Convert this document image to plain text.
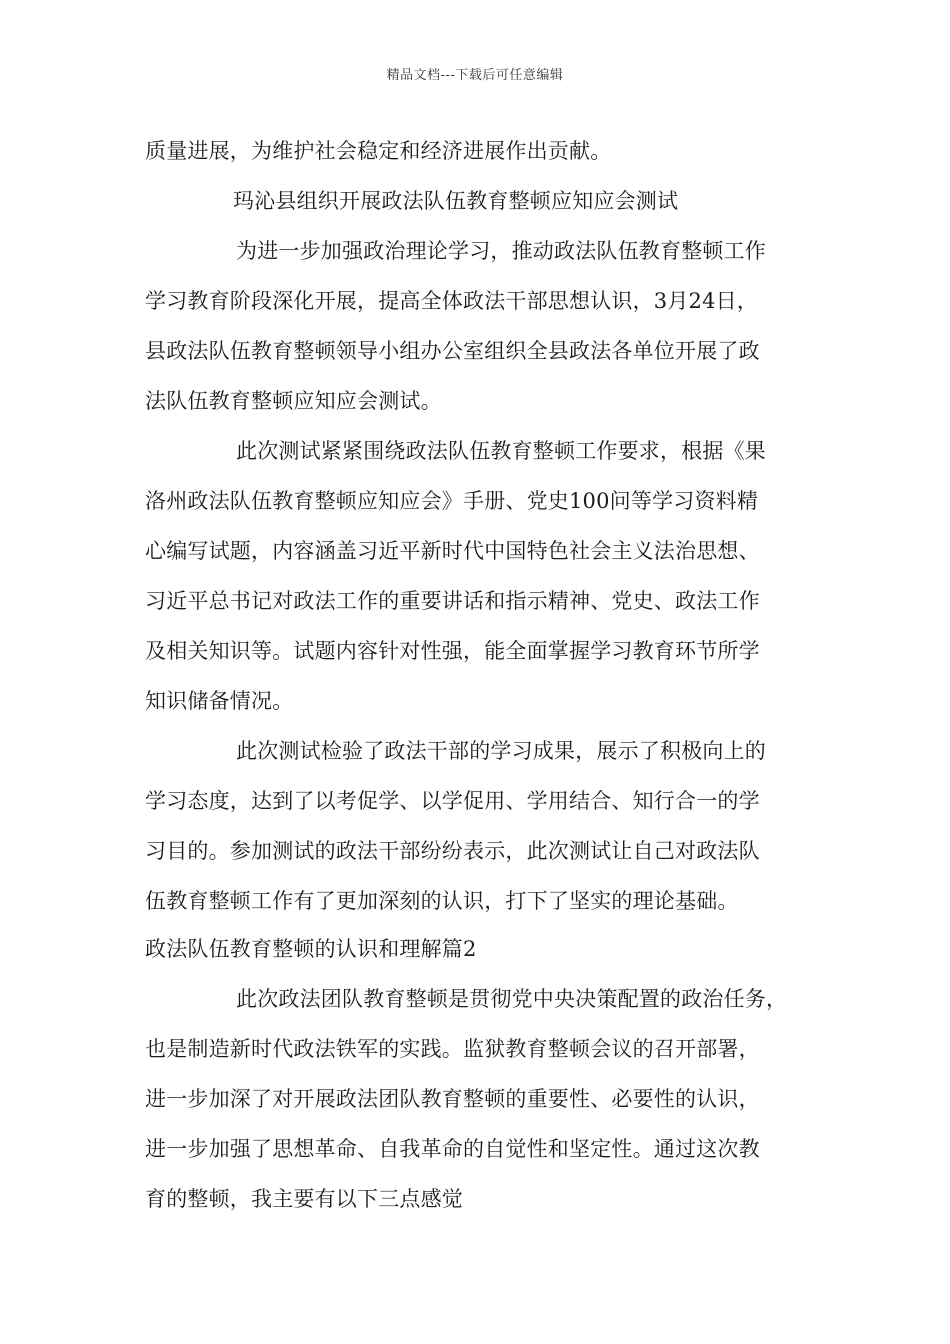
精品文档---下载后可任意编辑
质量进展，为维护社会稳定和经济进展作出贡献。
玛沁县组织开展政法队伍教育整顿应知应会测试
为进一步加强政治理论学习，推动政法队伍教育整顿工作
学习教育阶段深化开展，提高全体政法干部思想认识，3月24日，
县政法队伍教育整顿领导小组办公室组织全县政法各单位开展了政
法队伍教育整顿应知应会测试。
此次测试紧紧围绕政法队伍教育整顿工作要求，根据《果
洛州政法队伍教育整顿应知应会》手册、党史100问等学习资料精
心编写试题，内容涵盖习近平新时代中国特色社会主义法治思想、
习近平总书记对政法工作的重要讲话和指示精神、党史、政法工作
及相关知识等。试题内容针对性强，能全面掌握学习教育环节所学
知识储备情况。
此次测试检验了政法干部的学习成果，展示了积极向上的
学习态度，达到了以考促学、以学促用、学用结合、知行合一的学
习目的。参加测试的政法干部纷纷表示，此次测试让自己对政法队
伍教育整顿工作有了更加深刻的认识，打下了坚实的理论基础。
政法队伍教育整顿的认识和理解篇2
此次政法团队教育整顿是贯彻党中央决策配置的政治任务，
也是制造新时代政法铁军的实践。监狱教育整顿会议的召开部署，
进一步加深了对开展政法团队教育整顿的重要性、必要性的认识，
进一步加强了思想革命、自我革命的自觉性和坚定性。通过这次教
育的整顿，我主要有以下三点感觉
